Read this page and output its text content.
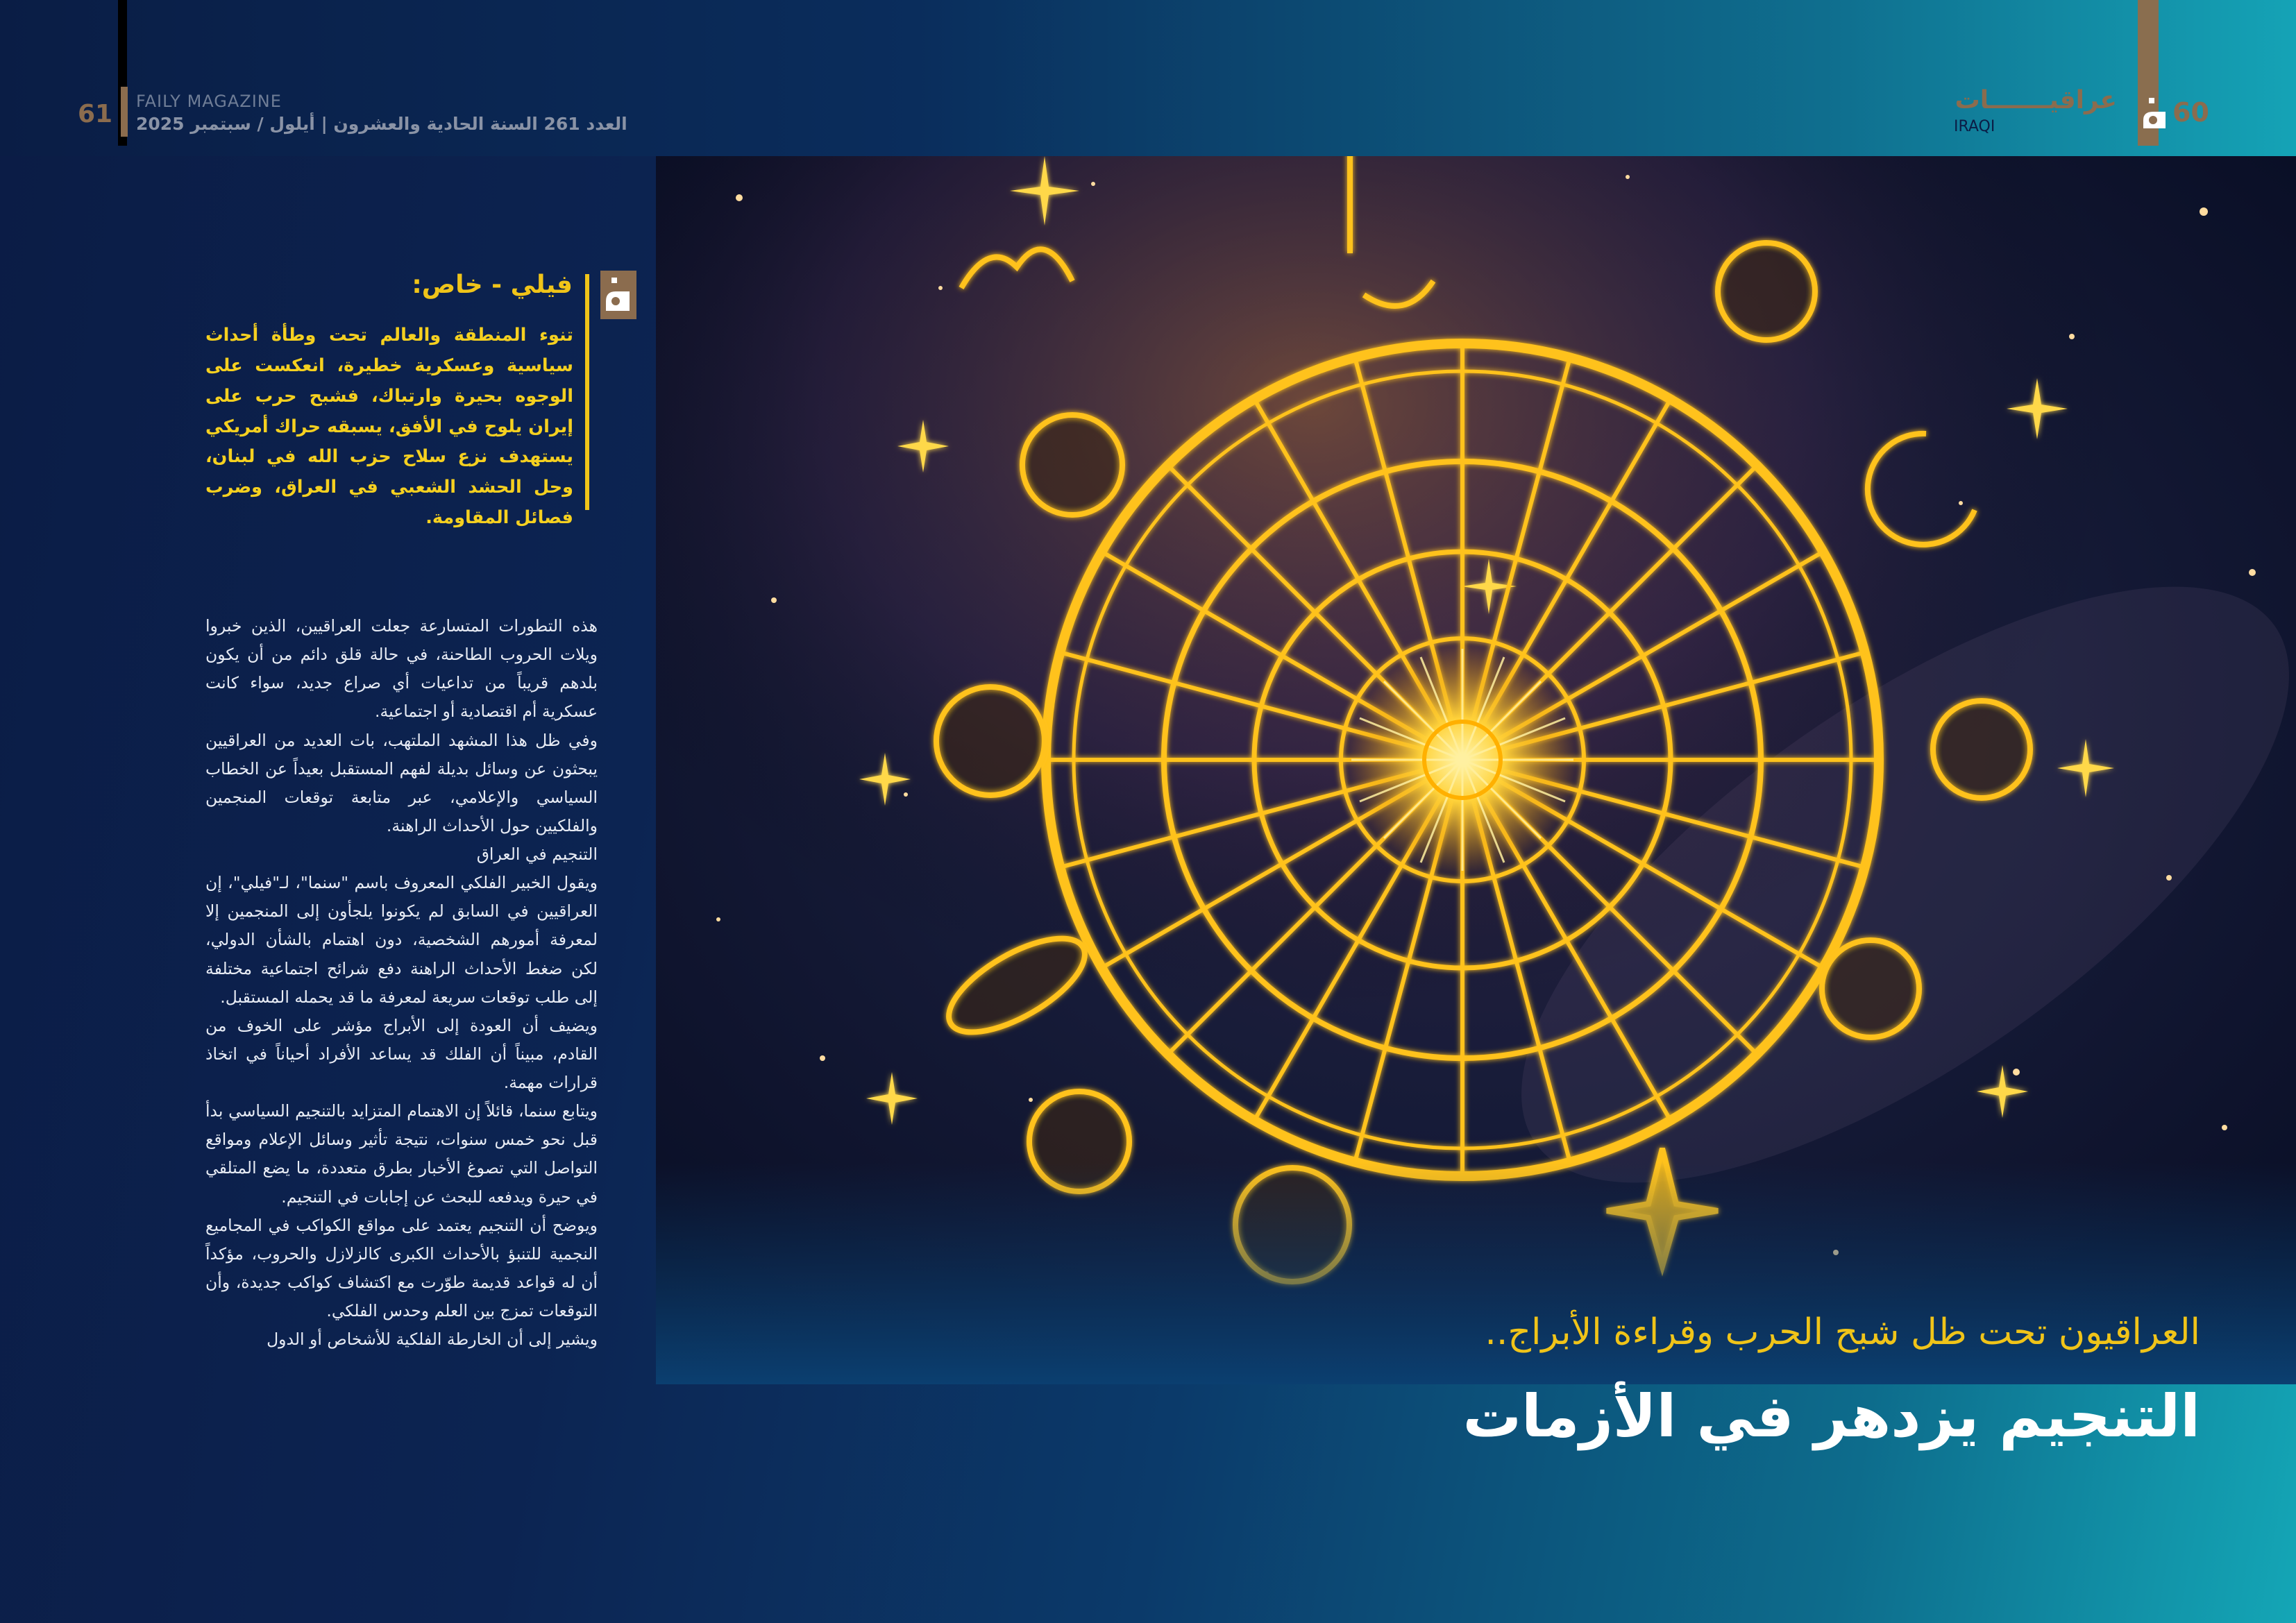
61 FAILY MAGAZINE
العدد 261 السنة الحادية والعشرون | أيلول / سبتمبر 2025
عراقيـــــــات
IRAQI	60
العراقيون تحت ظل شبح الحرب وقراءة الأبراج..
التنجيم يزدهر في الأزمات
فيلي - خاص:

تنوء المنطقة والعالم تحت وطأة أحداث سياسية وعسكرية خطيرة، انعكست على الوجوه بحيرة وارتباك، فشبح حرب على إيران يلوح في الأفق، يسبقه حراك أمريكي يستهدف نزع سلاح حزب الله في لبنان، وحل الحشد الشعبي في العراق، وضرب فصائل المقاومة.

هذه التطورات المتسارعة جعلت العراقيين، الذين خبروا ويلات الحروب الطاحنة، في حالة قلق دائم من أن يكون بلدهم قريباً من تداعيات أي صراع جديد، سواء كانت عسكرية أم اقتصادية أو اجتماعية.

وفي ظل هذا المشهد الملتهب، بات العديد من العراقيين يبحثون عن وسائل بديلة لفهم المستقبل بعيداً عن الخطاب السياسي والإعلامي، عبر متابعة توقعات المنجمين والفلكيين حول الأحداث الراهنة.

التنجيم في العراق

ويقول الخبير الفلكي المعروف باسم "سنما"، لـ"فيلي"، إن العراقيين في السابق لم يكونوا يلجأون إلى المنجمين إلا لمعرفة أمورهم الشخصية، دون اهتمام بالشأن الدولي، لكن ضغط الأحداث الراهنة دفع شرائح اجتماعية مختلفة إلى طلب توقعات سريعة لمعرفة ما قد يحمله المستقبل.

ويضيف أن العودة إلى الأبراج مؤشر على الخوف من القادم، مبيناً أن الفلك قد يساعد الأفراد أحياناً في اتخاذ قرارات مهمة.

ويتابع سنما، قائلاً إن الاهتمام المتزايد بالتنجيم السياسي بدأ قبل نحو خمس سنوات، نتيجة تأثير وسائل الإعلام ومواقع التواصل التي تصوغ الأخبار بطرق متعددة، ما يضع المتلقي في حيرة ويدفعه للبحث عن إجابات في التنجيم.

ويوضح أن التنجيم يعتمد على مواقع الكواكب في المجاميع النجمية للتنبؤ بالأحداث الكبرى كالزلازل والحروب، مؤكداً أن له قواعد قديمة طوّرت مع اكتشاف كواكب جديدة، وأن التوقعات تمزج بين العلم وحدس الفلكي.

ويشير إلى أن الخارطة الفلكية للأشخاص أو الدول
